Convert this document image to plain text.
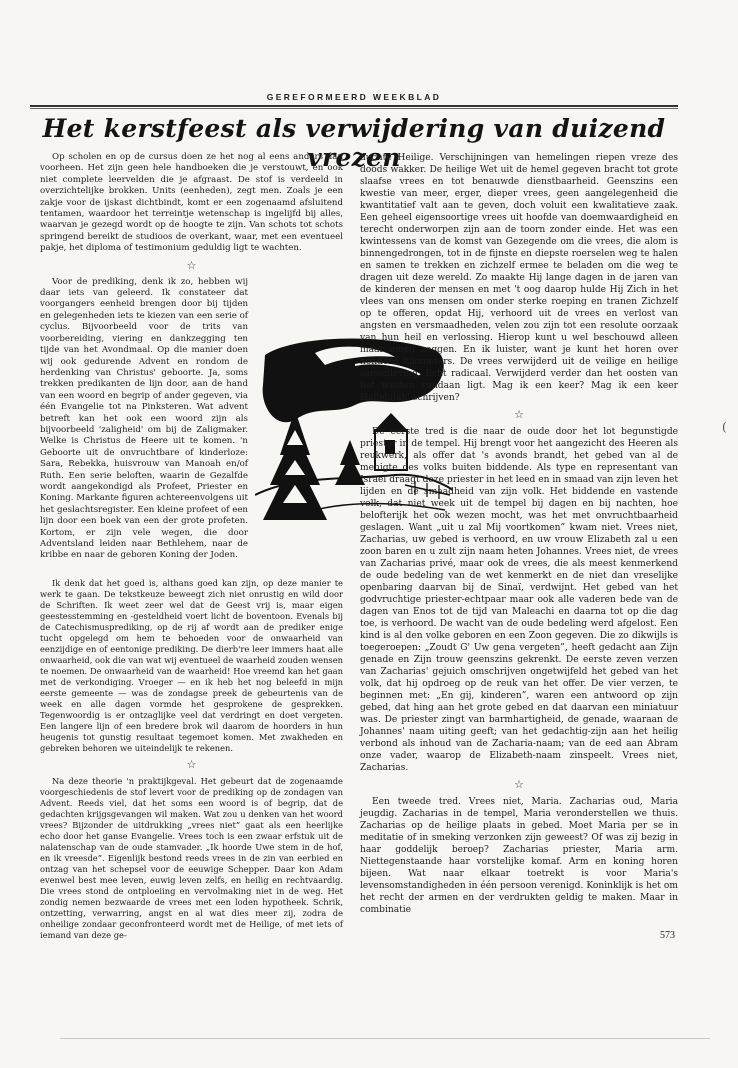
GEREFORMEERD WEEKBLAD
Het kerstfeest als verwijdering van duizend vrezen

Op scholen en op de cursus doen ze het nog al eens anders dan voorheen. Het zijn geen hele handboeken die je verstouwt, en ook niet complete leervelden die je afgraast. De stof is verdeeld in overzichtelijke brokken. Units (eenheden), zegt men. Zoals je een zakje voor de ijskast dichtbindt, komt er een zogenaamd afsluitend tentamen, waardoor het terreintje wetenschap is ingelijfd bij alles, waarvan je gezegd wordt op de hoogte te zijn. Van schots tot schots springend bereikt de studioos de overkant, waar, met een eventueel pakje, het diploma of testimonium geduldig ligt te wachten.

☆

Voor de prediking, denk ik zo, hebben wij daar iets van geleerd. Ik constateer dat voorgangers eenheid brengen door bij tijden en gelegenheden iets te kiezen van een serie of cyclus. Bijvoorbeeld voor de trits van voorbereiding, viering en dankzegging ten tijde van het Avondmaal. Op die manier doen wij ook gedurende Advent en rondom de herdenking van Christus' geboorte. Ja, soms trekken predikanten de lijn door, aan de hand van een woord en begrip of ander gegeven, via één Evangelie tot na Pinksteren. Wat advent betreft kan het ook een woord zijn als bijvoorbeeld 'zaligheid' om bij de Zaligmaker. Welke is Christus de Heere uit te komen. 'n Geboorte uit de onvruchtbare of kinderloze: Sara, Rebekka, huisvrouw van Manoah en/of Ruth. Een serie beloften, waarin de Gezalfde wordt aangekondigd als Profeet, Priester en Koning. Markante figuren achtereenvolgens uit het geslachtsregister. Een kleine profeet of een lijn door een boek van een der grote profeten. Kortom, er zijn vele wegen, die door Adventsland leiden naar Bethlehem, naar de kribbe en naar de geboren Koning der Joden.

Ik denk dat het goed is, althans goed kan zijn, op deze manier te werk te gaan. De tekstkeuze beweegt zich niet onrustig en wild door de Schriften. Ik weet zeer wel dat de Geest vrij is, maar eigen geestesstemming en -gesteldheid voert licht de boventoon. Evenals bij de Catechismusprediking, op de rij af wordt aan de prediker enige tucht opgelegd om hem te behoeden voor de onwaarheid van eenzijdige en of eentonige prediking. De dierb're leer immers haat alle onwaarheid, ook die van wat wij eventueel de waarheid zouden wensen te noemen. De onwaarheid van de waarheid! Hoe vreemd kan het gaan met de verkondiging. Vroeger — en ik heb het nog beleefd in mijn eerste gemeente — was de zondagse preek de gebeurtenis van de week en alle dagen vormde het gesprokene de gesprekken. Tegenwoordig is er ontzaglijke veel dat verdringt en doet vergeten. Een langere lijn of een bredere brok wil daarom de hoorders in hun heugenis tot gunstig resultaat tegemoet komen. Met zwakheden en gebreken behoren we uiteindelijk te rekenen.

☆

Na deze theorie 'n praktijkgeval. Het gebeurt dat de zogenaamde voorgeschiedenis de stof levert voor de prediking op de zondagen van Advent. Reeds viel, dat het soms een woord is of begrip, dat de gedachten krijgsgevangen wil maken. Wat zou u denken van het woord vrees? Bijzonder de uitdrukking „vrees niet” gaat als een heerlijke echo door het ganse Evangelie. Vrees toch is een zwaar erfstuk uit de nalatenschap van de oude stamvader. „Ik hoorde Uwe stem in de hof, en ik vreesde”. Eigenlijk bestond reeds vrees in de zin van eerbied en ontzag van het schepsel voor de eeuwige Schepper. Daar kon Adam evenwel best mee leven, euwig leven zelfs, en heilig en rechtvaardig. Die vrees stond de ontploeiing en vervolmaking niet in de weg. Het zondig nemen bezwaarde de vrees met een loden hypotheek. Schrik, ontzetting, verwarring, angst en al wat dies meer zij, zodra de onheilige zondaar geconfronteerd wordt met de Heilige, of met iets of iemand van deze ge-

duchte Heilige. Verschijningen van hemelingen riepen vreze des doods wakker. De heilige Wet uit de hemel gegeven bracht tot grote slaafse vrees en tot benauwde dienstbaarheid. Geenszins een kwestie van meer, erger, dieper vrees, geen aangelegenheid die kwantitatief valt aan te geven, doch voluit een kwalitatieve zaak. Een geheel eigensoortige vrees uit hoofde van doemwaardigheid en terecht onderworpen zijn aan de toorn zonder einde. Het was een kwintessens van de komst van Gezegende om die vrees, die alom is binnengedrongen, tot in de fijnste en diepste roerselen weg te halen en samen te trekken en zichzelf ermee te beladen om die weg te dragen uit deze wereld. Zo maakte Hij lange dagen in de jaren van de kinderen der mensen en met 't oog daarop hulde Hij Zich in het vlees van ons mensen om onder sterke roeping en tranen Zichzelf op te offeren, opdat Hij, verhoord uit de vrees en verlost van angsten en versmaadheden, velen zou zijn tot een resolute oorzaak van hun heil en verlossing. Hierop kunt u wel beschouwd alleen maar amen zeggen. En ik luister, want je kunt het horen over honderd kilometers. De vrees verwijderd uit de veilige en heilige samenleving. Echt radicaal. Verwijderd verder dan het oosten van het westen vandaan ligt. Mag ik een keer? Mag ik een keer Hallelujah' schrijven?

☆

De eerste tred is die naar de oude door het lot begunstigde priester in de tempel. Hij brengt voor het aangezicht des Heeren als reukwerk, als offer dat 's avonds brandt, het gebed van al de menigte des volks buiten biddende. Als type en representant van Israël draagt deze priester in het leed en in smaad van zijn leven het lijden en de smaadheid van zijn volk. Het biddende en vastende volk, dat niet week uit de tempel bij dagen en bij nachten, hoe belofterijk het ook wezen mocht, was het met onvruchtbaarheid geslagen. Want „uit u zal Mij voortkomen” kwam niet. Vrees niet, Zacharias, uw gebed is verhoord, en uw vrouw Elizabeth zal u een zoon baren en u zult zijn naam heten Johannes. Vrees niet, de vrees van Zacharias privé, maar ook de vrees, die als meest kenmerkend de oude bedeling van de wet kenmerkt en de niet dan vreselijke openbaring daarvan bij de Sinaï, verdwijnt. Het gebed van het godvruchtige priester-echtpaar maar ook alle vaderen bede van de dagen van Enos tot de tijd van Maleachi en daarna tot op die dag toe, is verhoord. De wacht van de oude bedeling werd afgelost. Een kind is al den volke geboren en een Zoon gegeven. Die zo dikwijls is toegeroepen: „Zoudt G' Uw gena vergeten”, heeft gedacht aan Zijn genade en Zijn trouw geenszins gekrenkt. De eerste zeven verzen van Zacharias' gejuich omschrijven ongetwijfeld het gebed van het volk, dat hij opdroeg op de reuk van het offer. De vier verzen, te beginnen met: „En gij, kinderen”, waren een antwoord op zijn gebed, dat hing aan het grote gebed en dat daarvan een miniatuur was. De priester zingt van barmhartigheid, de genade, waaraan de Johannes' naam uiting geeft; van het gedachtig-zijn aan het heilig verbond als inhoud van de Zacharia-naam; van de eed aan Abram onze vader, waarop de Elizabeth-naam zinspeelt. Vrees niet, Zacharias.

☆

Een tweede tred. Vrees niet, Maria. Zacharias oud, Maria jeugdig. Zacharias in de tempel, Maria veronderstellen we thuis. Zacharias op de heilige plaats in gebed. Moet Maria per se in meditatie of in smeking verzonken zijn geweest? Of was zij bezig in haar goddelijk beroep? Zacharias priester, Maria arm. Niettegenstaande haar vorstelijke komaf. Arm en koning horen bijeen. Wat naar elkaar toetrekt is voor Maria's levensomstandigheden in één persoon verenigd. Koninklijk is het om het recht der armen en der verdrukten geldig te maken. Maar in combinatie

573
(
